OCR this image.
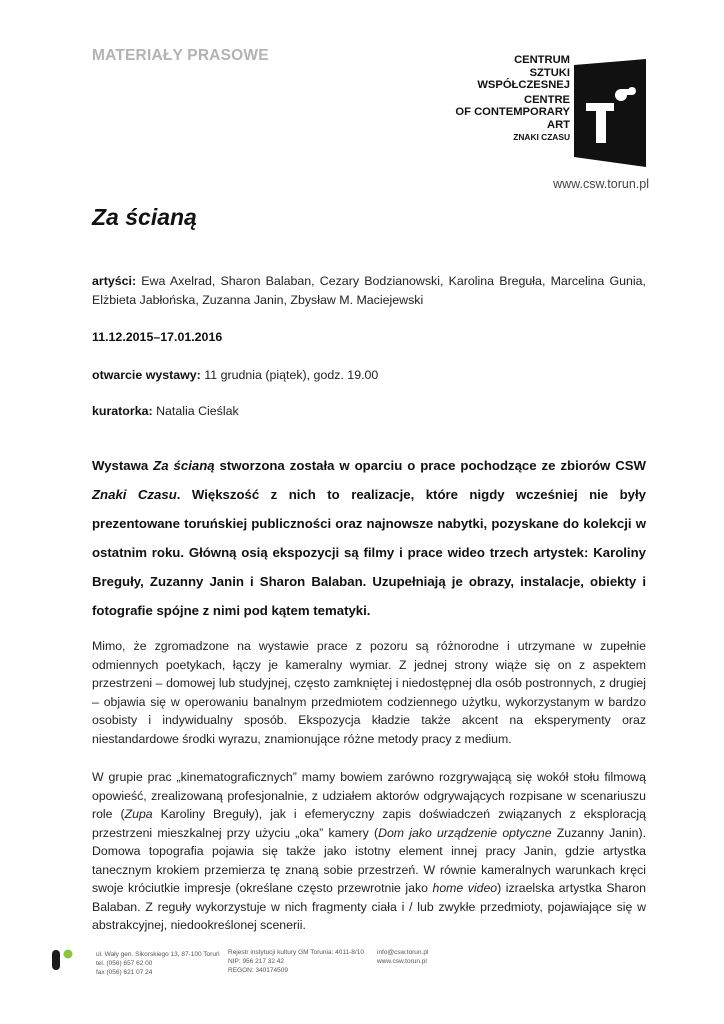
MATERIAŁY PRASOWE	CENTRUM
SZTUKI
WSPÓŁCZESNEJ
CENTRE
OF CONTEMPORARY
ART
ZNAKI CZASU
www.csw.torun.pl
Za ścianą
artyści: Ewa Axelrad, Sharon Balaban, Cezary Bodzianowski, Karolina Breguła, Marcelina Gunia, Elżbieta Jabłońska, Zuzanna Janin, Zbysław M. Maciejewski
11.12.2015–17.01.2016
otwarcie wystawy: 11 grudnia (piątek), godz. 19.00
kuratorka: Natalia Cieślak
Wystawa Za ścianą stworzona została w oparciu o prace pochodzące ze zbiorów CSW Znaki Czasu. Większość z nich to realizacje, które nigdy wcześniej nie były prezentowane toruńskiej publiczności oraz najnowsze nabytki, pozyskane do kolekcji w ostatnim roku. Główną osią ekspozycji są filmy i prace wideo trzech artystek: Karoliny Breguły, Zuzanny Janin i Sharon Balaban. Uzupełniają je obrazy, instalacje, obiekty i fotografie spójne z nimi pod kątem tematyki.
Mimo, że zgromadzone na wystawie prace z pozoru są różnorodne i utrzymane w zupełnie odmiennych poetykach, łączy je kameralny wymiar. Z jednej strony wiąże się on z aspektem przestrzeni – domowej lub studyjnej, często zamkniętej i niedostępnej dla osób postronnych, z drugiej – objawia się w operowaniu banalnym przedmiotem codziennego użytku, wykorzystanym w bardzo osobisty i indywidualny sposób. Ekspozycja kładzie także akcent na eksperymenty oraz niestandardowe środki wyrazu, znamionujące różne metody pracy z medium.
W grupie prac „kinematograficznych” mamy bowiem zarówno rozgrywającą się wokół stołu filmową opowieść, zrealizowaną profesjonalnie, z udziałem aktorów odgrywających rozpisane w scenariuszu role (Zupa Karoliny Breguły), jak i efemeryczny zapis doświadczeń związanych z eksploracją przestrzeni mieszkalnej przy użyciu „oka” kamery (Dom jako urządzenie optyczne Zuzanny Janin). Domowa topografia pojawia się także jako istotny element innej pracy Janin, gdzie artystka tanecznym krokiem przemierza tę znaną sobie przestrzeń. W równie kameralnych warunkach kręci swoje króciutkie impresje (określane często przewrotnie jako home video) izraelska artystka Sharon Balaban. Z reguły wykorzystuje w nich fragmenty ciała i / lub zwykłe przedmioty, pojawiające się w abstrakcyjnej, niedookreślonej scenerii.
ul. Wały gen. Sikorskiego 13, 87-100 Toruń
tel. (056) 657 62 00
fax (056) 621 07 24
Rejestr instytucji kultury GM Torunia: 4011-8/10
NIP: 956 217 32 42
REGON: 340174509
info@csw.torun.pl
www.csw.torun.pl
